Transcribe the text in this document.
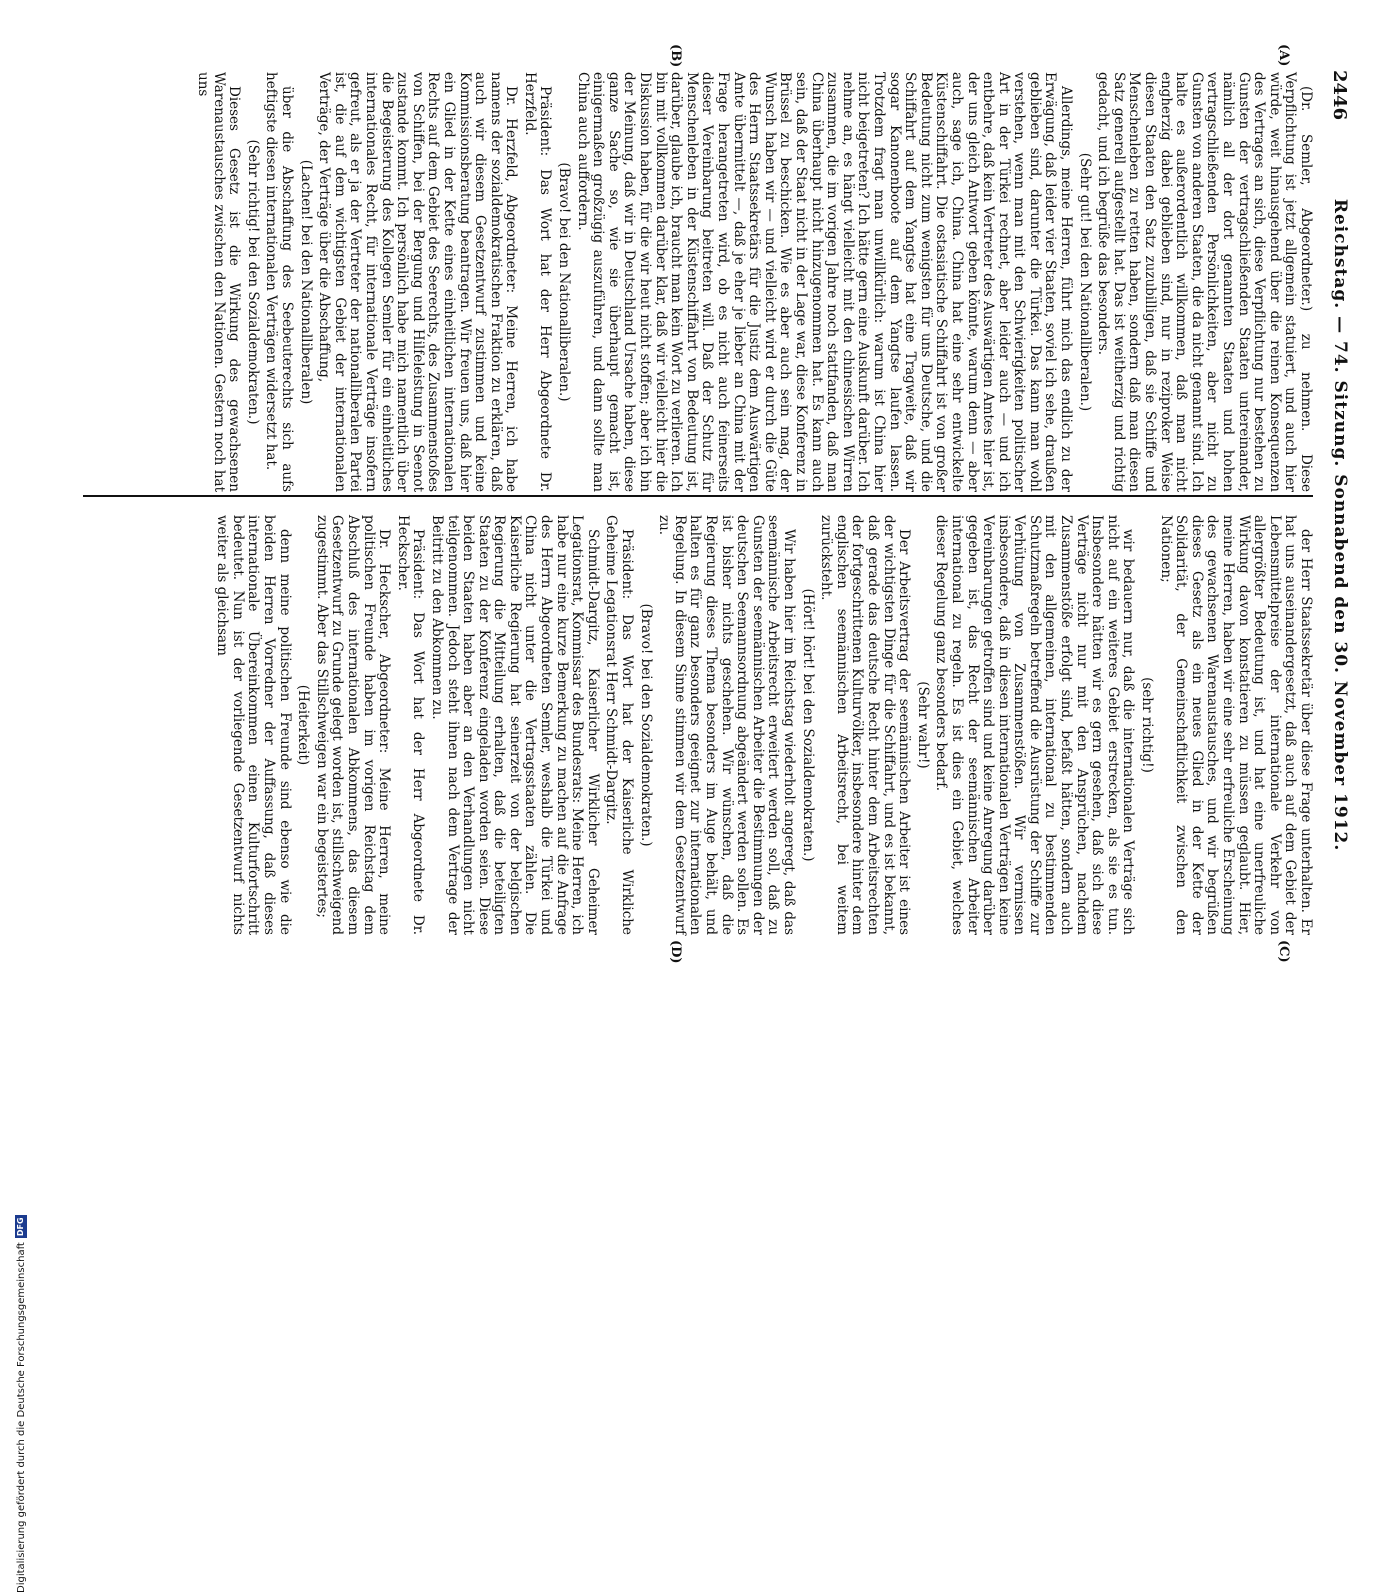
2446
Reichstag. — 74. Sitzung. Sonnabend den 30. November 1912.
(A)
(B)
(C)
(D)

(Dr. Semler, Abgeordneter.) zu nehmen. Diese Verpflichtung ist jetzt allgemein statuiert, und auch hier würde, weit hinausgehend über die reinen Konsequenzen des Vertrages an sich, diese Verpflichtung nur bestehen zu Gunsten der vertragschließenden Staaten untereinander, nämlich all der dort genannten Staaten und hohen vertragschließenden Persönlichkeiten, aber nicht zu Gunsten von anderen Staaten, die da nicht genannt sind. Ich halte es außerordentlich willkommen, daß man nicht engherzig dabei geblieben sind, nur in reziproker Weise diesen Staaten den Satz zuzubilligen, daß sie Schiffe und Menschenleben zu retten haben, sondern daß man diesen Satz generell aufgestellt hat. Das ist weitherzig und richtig gedacht, und ich begrüße das besonders.

(Sehr gut! bei den Nationalliberalen.)

Allerdings, meine Herren, führt mich das endlich zu der Erwägung, daß leider vier Staaten, soviel ich sehe, draußen geblieben sind, darunter die Türkei. Das kann man wohl verstehen, wenn man mit den Schwierigkeiten politischer Art in der Türkei rechnet, aber leider auch — und ich entbehre, daß kein Vertreter des Auswärtigen Amtes hier ist, der uns gleich Antwort geben könnte, warum denn — aber auch, sage ich, China. China hat eine sehr entwickelte Küstenschiffahrt. Die ostasiatische Schiffahrt ist von großer Bedeutung nicht zum wenigsten für uns Deutsche, und die Schiffahrt auf dem Yangtse hat eine Tragweite, daß wir sogar Kanonenboote auf dem Yangtse laufen lassen. Trotzdem fragt man unwillkürlich: warum ist China hier nicht beigetreten? Ich hätte gern eine Auskunft darüber. Ich nehme an, es hängt vielleicht mit den chinesischen Wirren zusammen, die im vorigen Jahre noch stattfanden, daß man China überhaupt nicht hinzugenommen hat. Es kann auch sein, daß der Staat nicht in der Lage war, diese Konferenz in Brüssel zu beschicken. Wie es aber auch sein mag, der Wunsch haben wir — und vielleicht wird er durch die Güte des Herrn Staatssekretärs für die Justiz dem Auswärtigen Amte übermittelt —, daß je eher je lieber an China mit der Frage herangetreten wird, ob es nicht auch feinerseits dieser Vereinbarung beitreten will. Daß der Schutz für Menschenleben in der Küstenschiffahrt von Bedeutung ist, darüber, glaube ich, braucht man kein Wort zu verlieren. Ich bin mit vollkommen darüber klar, daß wir vielleicht hier die Diskussion haben, für die wir heut nicht stoffen; aber ich bin der Meinung, daß wir in Deutschland Ursache haben, diese ganze Sache so, wie sie überhaupt gemacht ist, einigermaßen großzügig auszuführen, und dann sollte man China auch auffordern.

(Bravo! bei den Nationalliberalen.)

Präsident: Das Wort hat der Herr Abgeordnete Dr. Herzfeld.

Dr. Herzfeld, Abgeordneter: Meine Herren, ich habe namens der sozialdemokratischen Fraktion zu erklären, daß auch wir diesem Gesetzentwurf zustimmen und keine Kommissionsberatung beantragen. Wir freuen uns, daß hier ein Glied in der Kette eines einheitlichen internationalen Rechts auf dem Gebiet des Seerechts, des Zusammenstoßes von Schiffen, bei der Bergung und Hilfeleistung in Seenot zustande kommt. Ich persönlich habe mich namentlich über die Begeisterung des Kollegen Semler für ein einheitliches internationales Recht, für internationale Verträge insofern gefreut, als er ja der Vertreter der nationalliberalen Partei ist, die auf dem wichtigsten Gebiet der internationalen Verträge, der Verträge über die Abschaffung,

(Lachen! bei den Nationalliberalen)

über die Abschaffung des Seebeuterechts sich aufs heftigste diesen internationalen Verträgen widersetzt hat.

(Sehr richtig! bei den Sozialdemokraten.)

Dieses Gesetz ist die Wirkung des gewachsenen Warenaustausches zwischen den Nationen. Gestern noch hat uns

der Herr Staatssekretär über diese Frage unterhalten. Er hat uns auseinandergesetzt, daß auch auf dem Gebiet der Lebensmittelpreise der internationale Verkehr von allergrößter Bedeutung ist, und hat eine unerfreuliche Wirkung davon konstatieren zu müssen geglaubt. Hier, meine Herren, haben wir eine sehr erfreuliche Erscheinung des gewachsenen Warenaustausches, und wir begrüßen dieses Gesetz als ein neues Glied in der Kette der Solidarität, der Gemeinschaftlichkeit zwischen den Nationen;

(sehr richtig!)

wir bedauern nur, daß die internationalen Verträge sich nicht auf ein weiteres Gebiet erstrecken, als sie es tun. Insbesondere hätten wir es gern gesehen, daß sich diese Verträge nicht nur mit den Ansprüchen, nachdem Zusammenstöße erfolgt sind, befaßt hätten, sondern auch mit den allgemeinen, international zu bestimmenden Schutzmaßregeln betreffend die Ausrüstung der Schiffe zur Verhütung von Zusammenstößen. Wir vermissen insbesondere, daß in diesen internationalen Verträgen keine Vereinbarungen getroffen sind und keine Anregung darüber gegeben ist, das Recht der seemännischen Arbeiter international zu regeln. Es ist dies ein Gebiet, welches dieser Regelung ganz besonders bedarf.

(Sehr wahr!)

Der Arbeitsvertrag der seemännischen Arbeiter ist eines der wichtigsten Dinge für die Schiffahrt, und es ist bekannt, daß gerade das deutsche Recht hinter dem Arbeitsrechten der fortgeschrittenen Kulturvölker, insbesondere hinter dem englischen seemännischen Arbeitsrecht, bei weitem zurücksteht.

(Hört! hört! bei den Sozialdemokraten.)

Wir haben hier im Reichstag wiederholt angeregt, daß das seemännische Arbeitsrecht erweitert werden soll, daß zu Gunsten der seemännischen Arbeiter die Bestimmungen der deutschen Seemannsordnung abgeändert werden sollen. Es ist bisher nichts geschehen. Wir wünschen, daß die Regierung dieses Thema besonders im Auge behält, und halten es für ganz besonders geeignet zur internationalen Regelung. In diesem Sinne stimmen wir dem Gesetzentwurf zu.

(Bravo! bei den Sozialdemokraten.)

Präsident: Das Wort hat der Kaiserliche Wirkliche Geheime Legationsrat Herr Schmidt-Dargitz.

Schmidt-Dargitz, Kaiserlicher Wirklicher Geheimer Legationsrat, Kommissar des Bundesrats: Meine Herren, ich habe nur eine kurze Bemerkung zu machen auf die Anfrage des Herrn Abgeordneten Semler, weshalb die Türkei und China nicht unter die Vertragsstaaten zählen. Die Kaiserliche Regierung hat seinerzeit von der belgischen Regierung die Mitteilung erhalten, daß die beteiligten Staaten zu der Konferenz eingeladen worden seien. Diese beiden Staaten haben aber an den Verhandlungen nicht teilgenommen. Jedoch steht ihnen nach dem Vertrage der Beitritt zu den Abkommen zu.

Präsident: Das Wort hat der Herr Abgeordnete Dr. Heckscher.

Dr. Heckscher, Abgeordneter: Meine Herren, meine politischen Freunde haben im vorigen Reichstag dem Abschluß des internationalen Abkommens, das diesem Gesetzentwurf zu Grunde gelegt worden ist, stillschweigend zugestimmt. Aber das Stillschweigen war ein begeistertes;

(Heiterkeit)

denn meine politischen Freunde sind ebenso wie die beiden Herren Vorredner der Auffassung, daß dieses internationale Übereinkommen einen Kulturfortschritt bedeutet. Nun ist der vorliegende Gesetzentwurf nichts weiter als gleichsam

Digitalisierung gefördert durch die Deutsche Forschungsgemeinschaft
DFG
